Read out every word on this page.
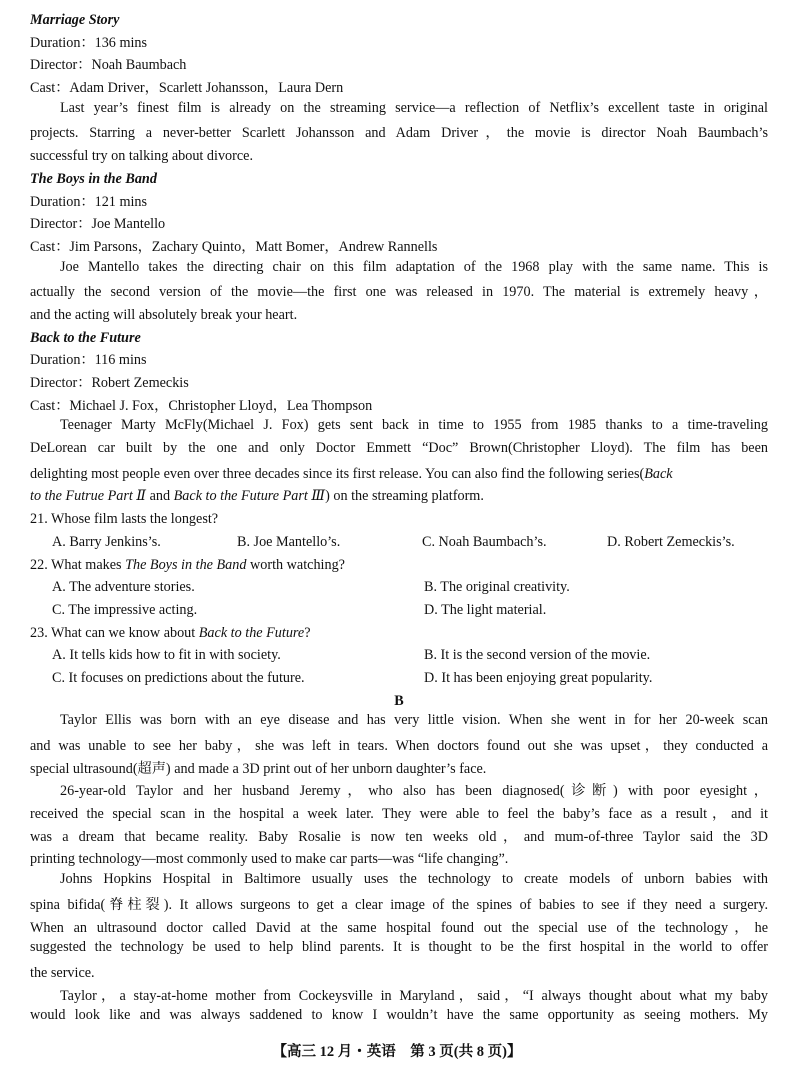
Marriage Story
Duration：136 mins
Director：Noah Baumbach
Cast：Adam Driver，Scarlett Johansson，Laura Dern
Last year’s finest film is already on the streaming service—a reflection of Netflix’s excellent taste in original
projects. Starring a never-better Scarlett Johansson and Adam Driver，the movie is director Noah Baumbach’s
successful try on talking about divorce.
The Boys in the Band
Duration：121 mins
Director：Joe Mantello
Cast：Jim Parsons，Zachary Quinto，Matt Bomer，Andrew Rannells
Joe Mantello takes the directing chair on this film adaptation of the 1968 play with the same name. This is
actually the second version of the movie—the first one was released in 1970. The material is extremely heavy，
and the acting will absolutely break your heart.
Back to the Future
Duration：116 mins
Director：Robert Zemeckis
Cast：Michael J. Fox，Christopher Lloyd，Lea Thompson
Teenager Marty McFly(Michael J. Fox) gets sent back in time to 1955 from 1985 thanks to a time-traveling
DeLorean car built by the one and only Doctor Emmett “Doc” Brown(Christopher Lloyd). The film has been
delighting most people even over three decades since its first release. You can also find the following series(Back
to the Futrue Part Ⅱ and Back to the Future Part Ⅲ) on the streaming platform.
21. Whose film lasts the longest?
A. Barry Jenkins’s.	B. Joe Mantello’s.	C. Noah Baumbach’s.	D. Robert Zemeckis’s.
22. What makes The Boys in the Band worth watching?
A. The adventure stories.	B. The original creativity.
C. The impressive acting.	D. The light material.
23. What can we know about Back to the Future?
A. It tells kids how to fit in with society.	B. It is the second version of the movie.
C. It focuses on predictions about the future.	D. It has been enjoying great popularity.
B
Taylor Ellis was born with an eye disease and has very little vision. When she went in for her 20-week scan
and was unable to see her baby，she was left in tears. When doctors found out she was upset，they conducted a
special ultrasound(超声) and made a 3D print out of her unborn daughter’s face.
26-year-old Taylor and her husband Jeremy，who also has been diagnosed(诊断) with poor eyesight，
received the special scan in the hospital a week later. They were able to feel the baby’s face as a result，and it
was a dream that became reality. Baby Rosalie is now ten weeks old，and mum-of-three Taylor said the 3D
printing technology—most commonly used to make car parts—was “life changing”.
Johns Hopkins Hospital in Baltimore usually uses the technology to create models of unborn babies with
spina bifida(脊柱裂). It allows surgeons to get a clear image of the spines of babies to see if they need a surgery.
When an ultrasound doctor called David at the same hospital found out the special use of the technology，he
suggested the technology be used to help blind parents. It is thought to be the first hospital in the world to offer
the service.
Taylor，a stay-at-home mother from Cockeysville in Maryland，said，“I always thought about what my baby
would look like and was always saddened to know I wouldn’t have the same opportunity as seeing mothers. My
【高三 12 月・英语　第 3 页(共 8 页)】
